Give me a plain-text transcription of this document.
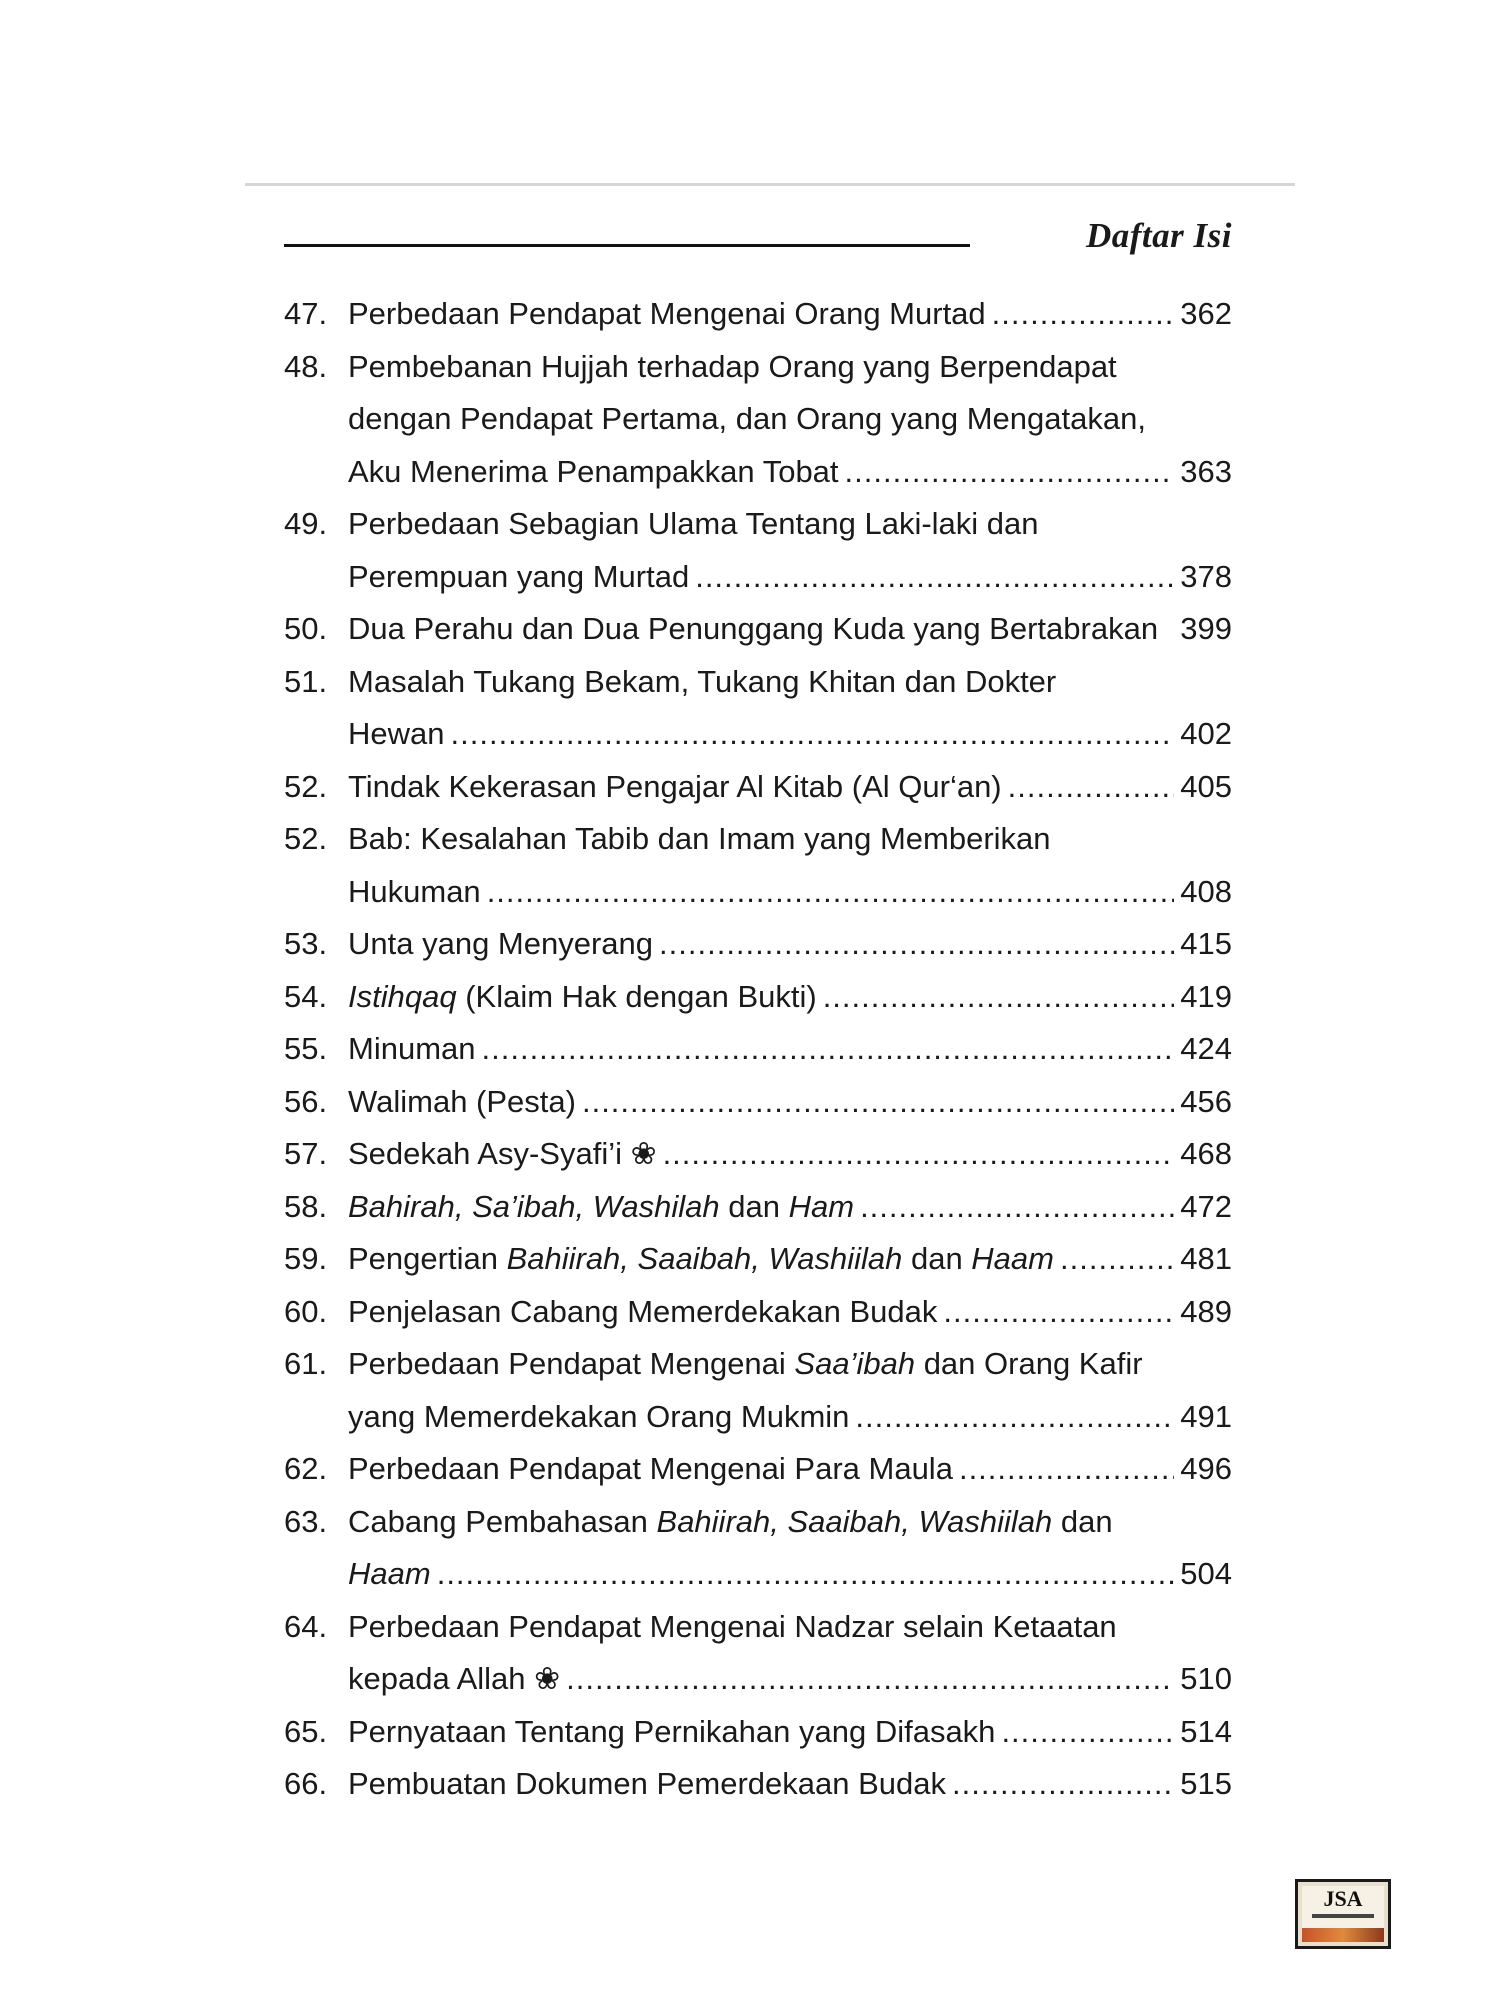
Daftar Isi
47. Perbedaan Pendapat Mengenai Orang Murtad .....	362
48. Pembebanan Hujjah terhadap Orang yang Berpendapat
dengan Pendapat Pertama, dan Orang yang Mengatakan,
Aku Menerima Penampakkan Tobat .....	363
49. Perbedaan Sebagian Ulama Tentang Laki-laki dan
Perempuan yang Murtad .....	378
50. Dua Perahu dan Dua Penunggang Kuda yang Bertabrakan 399
51. Masalah Tukang Bekam, Tukang Khitan dan Dokter
Hewan .....	402
52. Tindak Kekerasan Pengajar Al Kitab (Al Qur‘an) .....	405
52. Bab: Kesalahan Tabib dan Imam yang Memberikan
Hukuman .....	408
53. Unta yang Menyerang .....	415
54. Istihqaq (Klaim Hak dengan Bukti) .....	419
55. Minuman .....	424
56. Walimah (Pesta) .....	456
57. Sedekah Asy-Syafi’i ❀ .....	468
58. Bahirah, Sa’ibah, Washilah dan Ham .....	472
59. Pengertian Bahiirah, Saaibah, Washiilah dan Haam .....	481
60. Penjelasan Cabang Memerdekakan Budak .....	489
61. Perbedaan Pendapat Mengenai Saa’ibah dan Orang Kafir
yang Memerdekakan Orang Mukmin .....	491
62. Perbedaan Pendapat Mengenai Para Maula .....	496
63. Cabang Pembahasan Bahiirah, Saaibah, Washiilah dan
Haam .....	504
64. Perbedaan Pendapat Mengenai Nadzar selain Ketaatan
kepada Allah ❀ .....	510
65. Pernyataan Tentang Pernikahan yang Difasakh .....	514
66. Pembuatan Dokumen Pemerdekaan Budak .....	515
JSA
